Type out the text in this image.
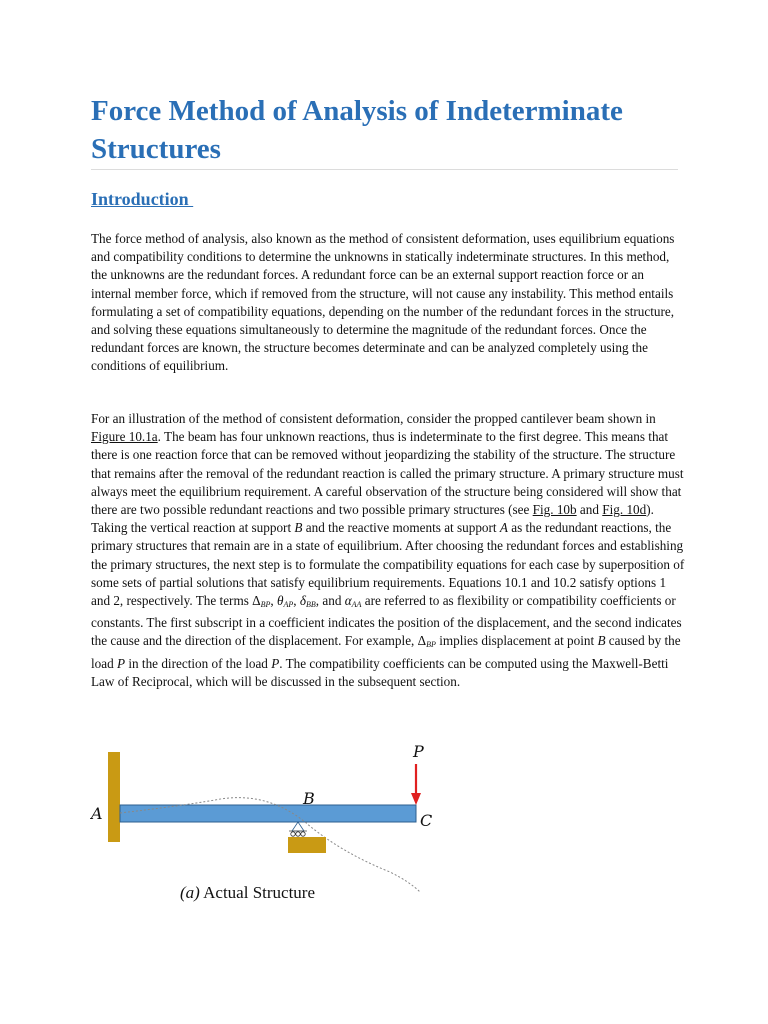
Force Method of Analysis of Indeterminate Structures
Introduction

The force method of analysis, also known as the method of consistent deformation, uses equilibrium equations and compatibility conditions to determine the unknowns in statically indeterminate structures. In this method, the unknowns are the redundant forces. A redundant force can be an external support reaction force or an internal member force, which if removed from the structure, will not cause any instability. This method entails formulating a set of compatibility equations, depending on the number of the redundant forces in the structure, and solving these equations simultaneously to determine the magnitude of the redundant forces. Once the redundant forces are known, the structure becomes determinate and can be analyzed completely using the conditions of equilibrium.

For an illustration of the method of consistent deformation, consider the propped cantilever beam shown in Figure 10.1a. The beam has four unknown reactions, thus is indeterminate to the first degree. This means that there is one reaction force that can be removed without jeopardizing the stability of the structure. The structure that remains after the removal of the redundant reaction is called the primary structure. A primary structure must always meet the equilibrium requirement. A careful observation of the structure being considered will show that there are two possible redundant reactions and two possible primary structures (see Fig. 10b and Fig. 10d). Taking the vertical reaction at support B and the reactive moments at support A as the redundant reactions, the primary structures that remain are in a state of equilibrium. After choosing the redundant forces and establishing the primary structures, the next step is to formulate the compatibility equations for each case by superposition of some sets of partial solutions that satisfy equilibrium requirements. Equations 10.1 and 10.2 satisfy options 1 and 2, respectively. The terms $\Delta_{BP}$, $\theta_{AP}$, $\delta_{BB}$, and $\alpha_{AA}$ are referred to as flexibility or compatibility coefficients or constants. The first subscript in a coefficient indicates the position of the displacement, and the second indicates the cause and the direction of the displacement. For example, $\Delta_{BP}$ implies displacement at point B caused by the load P in the direction of the load P. The compatibility coefficients can be computed using the Maxwell-Betti Law of Reciprocal, which will be discussed in the subsequent section.

A
B
C
P
(a) Actual Structure
